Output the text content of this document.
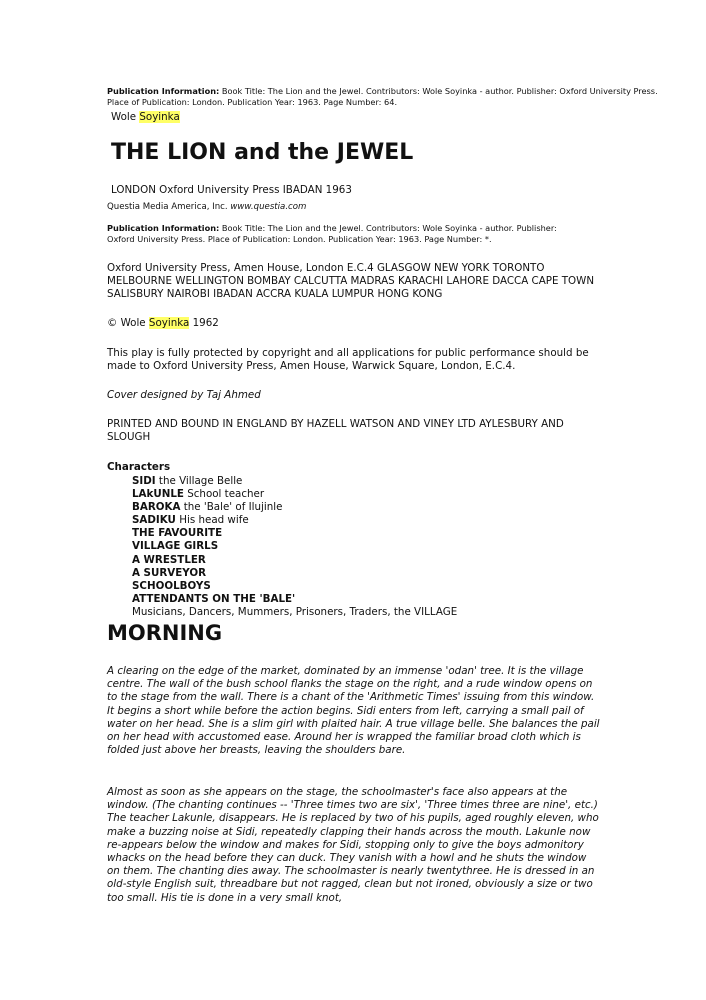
Publication Information: Book Title: The Lion and the Jewel. Contributors: Wole Soyinka - author. Publisher: Oxford University Press.
Place of Publication: London. Publication Year: 1963. Page Number: 64.
Wole Soyinka
THE LION and the JEWEL
LONDON Oxford University Press IBADAN 1963
Questia Media America, Inc. www.questia.com
Publication Information: Book Title: The Lion and the Jewel. Contributors: Wole Soyinka - author. Publisher: Oxford University Press. Place of Publication: London. Publication Year: 1963. Page Number: *.
Oxford University Press, Amen House, London E.C.4 GLASGOW NEW YORK TORONTO MELBOURNE WELLINGTON BOMBAY CALCUTTA MADRAS KARACHI LAHORE DACCA CAPE TOWN SALISBURY NAIROBI IBADAN ACCRA KUALA LUMPUR HONG KONG
© Wole Soyinka 1962
This play is fully protected by copyright and all applications for public performance should be made to Oxford University Press, Amen House, Warwick Square, London, E.C.4.
Cover designed by Taj Ahmed
PRINTED AND BOUND IN ENGLAND BY HAZELL WATSON AND VINEY LTD AYLESBURY AND SLOUGH
Characters
SIDI the Village Belle
LAkUNLE School teacher
BAROKA the 'Bale' of Ilujinle
SADIKU His head wife
THE FAVOURITE
VILLAGE GIRLS
A WRESTLER
A SURVEYOR
SCHOOLBOYS
ATTENDANTS ON THE 'BALE'
Musicians, Dancers, Mummers, Prisoners, Traders, the VILLAGE
MORNING
A clearing on the edge of the market, dominated by an immense 'odan' tree. It is the village centre. The wall of the bush school flanks the stage on the right, and a rude window opens on to the stage from the wall. There is a chant of the 'Arithmetic Times' issuing from this window. It begins a short while before the action begins. Sidi enters from left, carrying a small pail of water on her head. She is a slim girl with plaited hair. A true village belle. She balances the pail on her head with accustomed ease. Around her is wrapped the familiar broad cloth which is folded just above her breasts, leaving the shoulders bare.
Almost as soon as she appears on the stage, the schoolmaster's face also appears at the window. (The chanting continues -- 'Three times two are six', 'Three times three are nine', etc.) The teacher Lakunle, disappears. He is replaced by two of his pupils, aged roughly eleven, who make a buzzing noise at Sidi, repeatedly clapping their hands across the mouth. Lakunle now re-appears below the window and makes for Sidi, stopping only to give the boys admonitory whacks on the head before they can duck. They vanish with a howl and he shuts the window on them. The chanting dies away. The schoolmaster is nearly twentythree. He is dressed in an old-style English suit, threadbare but not ragged, clean but not ironed, obviously a size or two too small. His tie is done in a very small knot,
